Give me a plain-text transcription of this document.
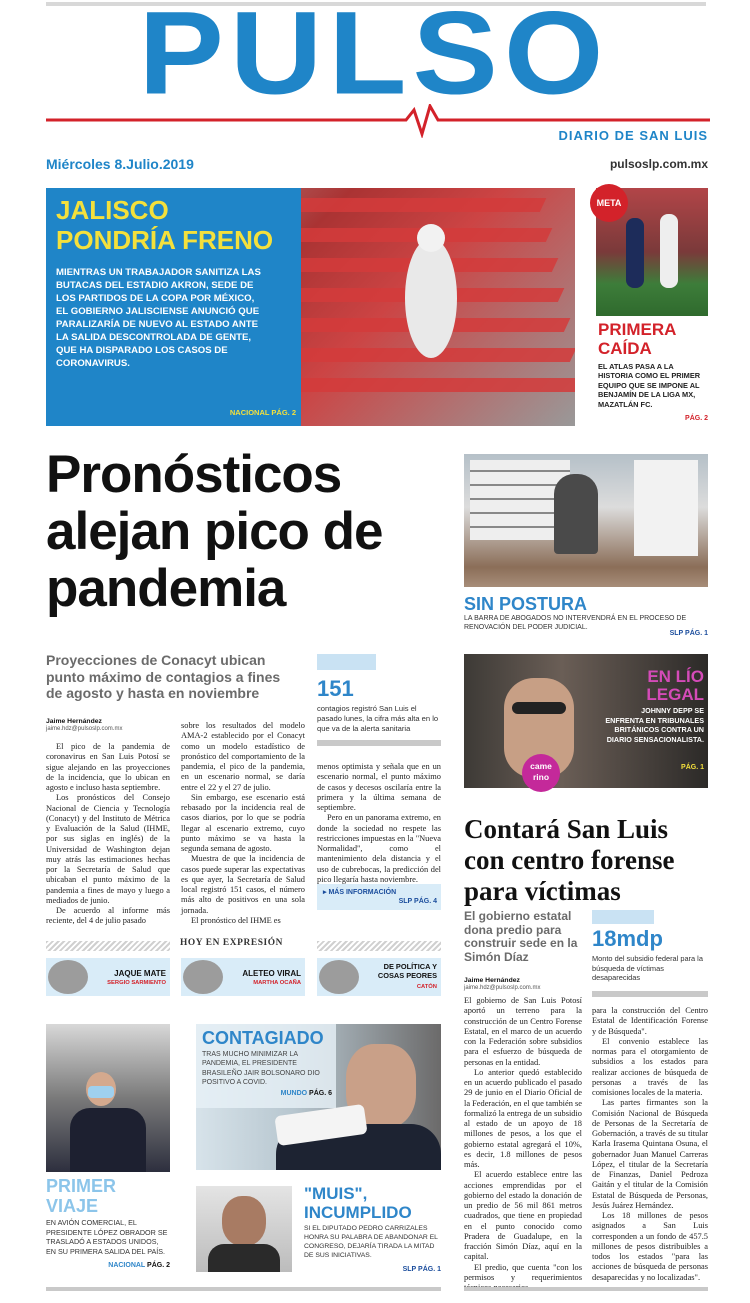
PULSO
DIARIO DE SAN LUIS
Miércoles 8.Julio.2019	pulsoslp.com.mx
JALISCO
PONDRÍA FRENO
MIENTRAS UN TRABAJADOR SANITIZA LAS BUTACAS DEL ESTADIO AKRON, SEDE DE LOS PARTIDOS DE LA COPA POR MÉXICO, EL GOBIERNO JALISCIENSE ANUNCIÓ QUE PARALIZARÍA DE NUEVO AL ESTADO ANTE LA SALIDA DESCONTROLADA DE GENTE, QUE HA DISPARADO LOS CASOS DE CORONAVIRUS.
NACIONAL PÁG. 2
META
PRIMERA
CAÍDA
EL ATLAS PASA A LA HISTORIA COMO EL PRIMER EQUIPO QUE SE IMPONE AL BENJAMÍN DE LA LIGA MX, MAZATLÁN FC.
PÁG. 2
Pronósticos alejan pico de pandemia
Proyecciones de Conacyt ubican punto máximo de contagios a fines de agosto y hasta en noviembre
Jaime Hernández
jaime.hdz@pulsoslp.com.mx
151
contagios registró San Luis el pasado lunes, la cifra más alta en lo que va de la alerta sanitaria

El pico de la pandemia de coronavirus en San Luis Potosí se sigue alejando en las proyecciones de la incidencia, que lo ubican en agosto e incluso hasta septiembre.

Los pronósticos del Consejo Nacional de Ciencia y Tecnología (Conacyt) y del Instituto de Métrica y Evaluación de la Salud (IHME, por sus siglas en inglés) de la Universidad de Washington dejan muy atrás las estimaciones hechas por la Secretaría de Salud que ubicaban el punto máximo de la pandemia a fines de mayo y luego a mediados de junio.

De acuerdo al informe más reciente, del 4 de julio pasado

sobre los resultados del modelo AMA-2 establecido por el Conacyt como un modelo estadístico de pronóstico del comportamiento de la pandemia, el pico de la pandemia, en un escenario normal, se daría entre el 22 y el 27 de julio.

Sin embargo, ese escenario está rebasado por la incidencia real de casos diarios, por lo que se podría llegar al escenario extremo, cuyo punto máximo se va hasta la segunda semana de agosto.

Muestra de que la incidencia de casos puede superar las expectativas es que ayer, la Secretaría de Salud local registró 151 casos, el número más alto de positivos en una sola jornada.

El pronóstico del IHME es

menos optimista y señala que en un escenario normal, el punto máximo de casos y decesos oscilaría entre la primera y la última semana de septiembre.

Pero en un panorama extremo, en donde la sociedad no respete las restricciones impuestas en la "Nueva Normalidad", como el mantenimiento dela distancia y el uso de cubrebocas, la predicción del pico llegaría hasta noviembre.

▸ MÁS INFORMACIÓN
SLP PÁG. 4
HOY EN EXPRESIÓN
JAQUE MATE
SERGIO SARMIENTO
ALETEO VIRAL
MARTHA OCAÑA
DE POLÍTICA Y COSAS PEORES
CATÓN
SIN POSTURA
LA BARRA DE ABOGADOS NO INTERVENDRÁ EN EL PROCESO DE RENOVACIÓN DEL PODER JUDICIAL.
SLP PÁG. 1
came
rino
EN LÍO
LEGAL
JOHNNY DEPP SE ENFRENTA EN TRIBUNALES BRITÁNICOS CONTRA UN DIARIO SENSACIONALISTA.
PÁG. 1
Contará San Luis con centro forense para víctimas
El gobierno estatal dona predio para construir sede en la Simón Díaz
18mdp
Monto del subsidio federal para la búsqueda de víctimas desaparecidas
Jaime Hernández
jaime.hdz@pulsoslp.com.mx

El gobierno de San Luis Potosí aportó un terreno para la construcción de un Centro Forense Estatal, en el marco de un acuerdo con la Federación sobre subsidios para el esfuerzo de búsqueda de personas en la entidad.

Lo anterior quedó establecido en un acuerdo publicado el pasado 29 de junio en el Diario Oficial de la Federación, en el que también se formalizó la entrega de un subsidio al estado de un apoyo de 18 millones de pesos, a los que el gobierno estatal agregará el 10%, es decir, 1.8 millones de pesos más.

El acuerdo establece entre las acciones emprendidas por el gobierno del estado la donación de un predio de 56 mil 861 metros cuadrados, que tiene en propiedad en el punto conocido como Pradera de Guadalupe, en la fracción Simón Díaz, aquí en la capital.

El predio, que cuenta "con los permisos y requerimientos

para la construcción del Centro Estatal de Identificación Forense y de Búsqueda".

El convenio establece las normas para el otorgamiento de subsidios a los estados para realizar acciones de búsqueda de personas a través de las comisiones locales de la materia.

Las partes firmantes son la Comisión Nacional de Búsqueda de Personas de la Secretaría de Gobernación, a través de su titular Karla Irasema Quintana Osuna, el gobernador Juan Manuel Carreras López, el titular de la Secretaría de Finanzas, Daniel Pedroza Gaitán y el titular de la Comisión Estatal de Búsqueda de Personas, Jesús Juárez Hernández.

Los 18 millones de pesos asignados a San Luis corresponden a un fondo de 457.5 millones de pesos distribuibles a todos los estados "para las acciones de búsqueda de personas desaparecidas y no localizadas".

PRIMER
VIAJE
EN AVIÓN COMERCIAL, EL PRESIDENTE LÓPEZ OBRADOR SE TRASLADÓ A ESTADOS UNIDOS, EN SU PRIMERA SALIDA DEL PAÍS.
NACIONAL PÁG. 2
CONTAGIADO
TRAS MUCHO MINIMIZAR LA PANDEMIA, EL PRESIDENTE BRASILEÑO JAIR BOLSONARO DIO POSITIVO A COVID.
MUNDO PÁG. 6
"MUIS",
INCUMPLIDO
SI EL DIPUTADO PEDRO CARRIZALES HONRA SU PALABRA DE ABANDONAR EL CONGRESO, DEJARÍA TIRADA LA MITAD DE SUS INICIATIVAS.
SLP PÁG. 1
